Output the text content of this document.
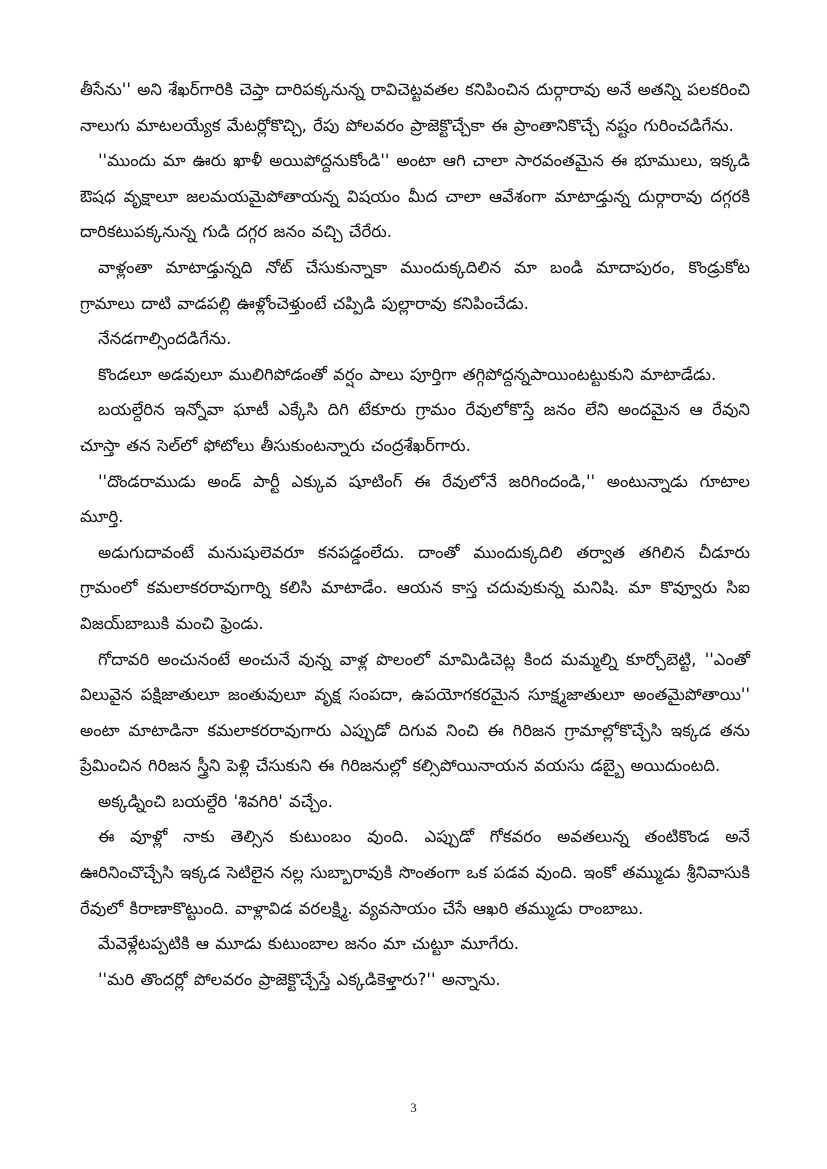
తీసేను'' అని శేఖర్‌గారికి చెప్తా దారిపక్కనున్న రావిచెట్టవతల కనిపించిన దుర్గారావు అనే అతన్ని పలకరించి నాలుగు మాటలయ్యేక మేటర్లోకొచ్చి, రేపు పోలవరం ప్రాజెక్టొచ్చేకా ఈ ప్రాంతానికొచ్చే నష్టం గురించడిగేను.

''ముందు మా ఊరు ఖాళీ అయిపోద్దనుకోండి'' అంటా ఆగి చాలా సారవంతమైన ఈ భూములు, ఇక్కడి ఔషధ వృక్షాలూ జలమయమైపోతాయన్న విషయం మీద చాలా ఆవేశంగా మాటాడ్తున్న దుర్గారావు దగ్గరకి దారికటుపక్కనున్న గుడి దగ్గర జనం వచ్చి చేరేరు.

వాళ్లంతా మాటాడ్తున్నది నోట్ చేసుకున్నాకా ముందుక్కదిలిన మా బండి మాదాపురం, కొండ్రుకోట గ్రామాలు దాటి వాడపల్లి ఊళ్లోంచెళ్తుంటే చప్పిడి పుల్లారావు కనిపించేడు.

నేనడగాల్సిందడిగేను.

కొండలూ అడవులూ ములిగిపోడంతో వర్షం పాలు పూర్తిగా తగ్గిపోద్దన్నపాయింటట్టుకుని మాటాడేడు.

బయల్దేరిన ఇన్నోవా ఘాటీ ఎక్కేసి దిగి టేకూరు గ్రామం రేవులోకొస్తే జనం లేని అందమైన ఆ రేవుని చూస్తా తన సెల్‌లో ఫోటోలు తీసుకుంటన్నారు చంద్రశేఖర్‌గారు.

''దొండరాముడు అండ్ పార్టీ ఎక్కువ షూటింగ్ ఈ రేవులోనే జరిగిందండి,'' అంటున్నాడు గూటాల మూర్తి.

అడుగుదావంటే మనుషులెవరూ కనపడ్డంలేదు. దాంతో ముందుక్కదిలి తర్వాత తగిలిన చీడూరు గ్రామంలో కమలాకరరావుగార్ని కలిసి మాటాడేం. ఆయన కాస్త చదువుకున్న మనిషి. మా కొవ్వూరు సిఐ విజయ్‌బాబుకి మంచి ఫ్రెండు.

గోదావరి అంచునంటే అంచునే వున్న వాళ్ల పొలంలో మామిడిచెట్ల కింద మమ్మల్ని కూర్చోబెట్టి, ''ఎంతో విలువైన పక్షిజాతులూ జంతువులూ వృక్ష సంపదా, ఉపయోగకరమైన సూక్ష్మజాతులూ అంతమైపోతాయి'' అంటా మాటాడినా కమలాకరరావుగారు ఎప్పుడో దిగువ నించి ఈ గిరిజన గ్రామాల్లోకొచ్చేసి ఇక్కడ తను ప్రేమించిన గిరిజన స్త్రీని పెళ్లి చేసుకుని ఈ గిరిజనుల్లో కల్సిపోయినాయన వయసు డబ్బై అయిదుంటది.

అక్కడ్నించి బయల్దేరి 'శివగిరి' వచ్చేం.

ఈ వూళ్లో నాకు తెల్సిన కుటుంబం వుంది. ఎప్పుడో గోకవరం అవతలున్న తంటికొండ అనే ఊరినించొచ్చేసి ఇక్కడ సెటిలైన నల్ల సుబ్బారావుకి సొంతంగా ఒక పడవ వుంది. ఇంకో తమ్ముడు శ్రీనివాసుకి రేవులో కిరాణాకొట్టుంది. వాళ్లావిడ వరలక్ష్మి. వ్యవసాయం చేసే ఆఖరి తమ్ముడు రాంబాబు.

మేవెళ్లేటప్పటికి ఆ మూడు కుటుంబాల జనం మా చుట్టూ మూగేరు.

''మరి తొందర్లో పోలవరం ప్రాజెక్టొచ్చేస్తే ఎక్కడికెళ్తారు?'' అన్నాను.

3
